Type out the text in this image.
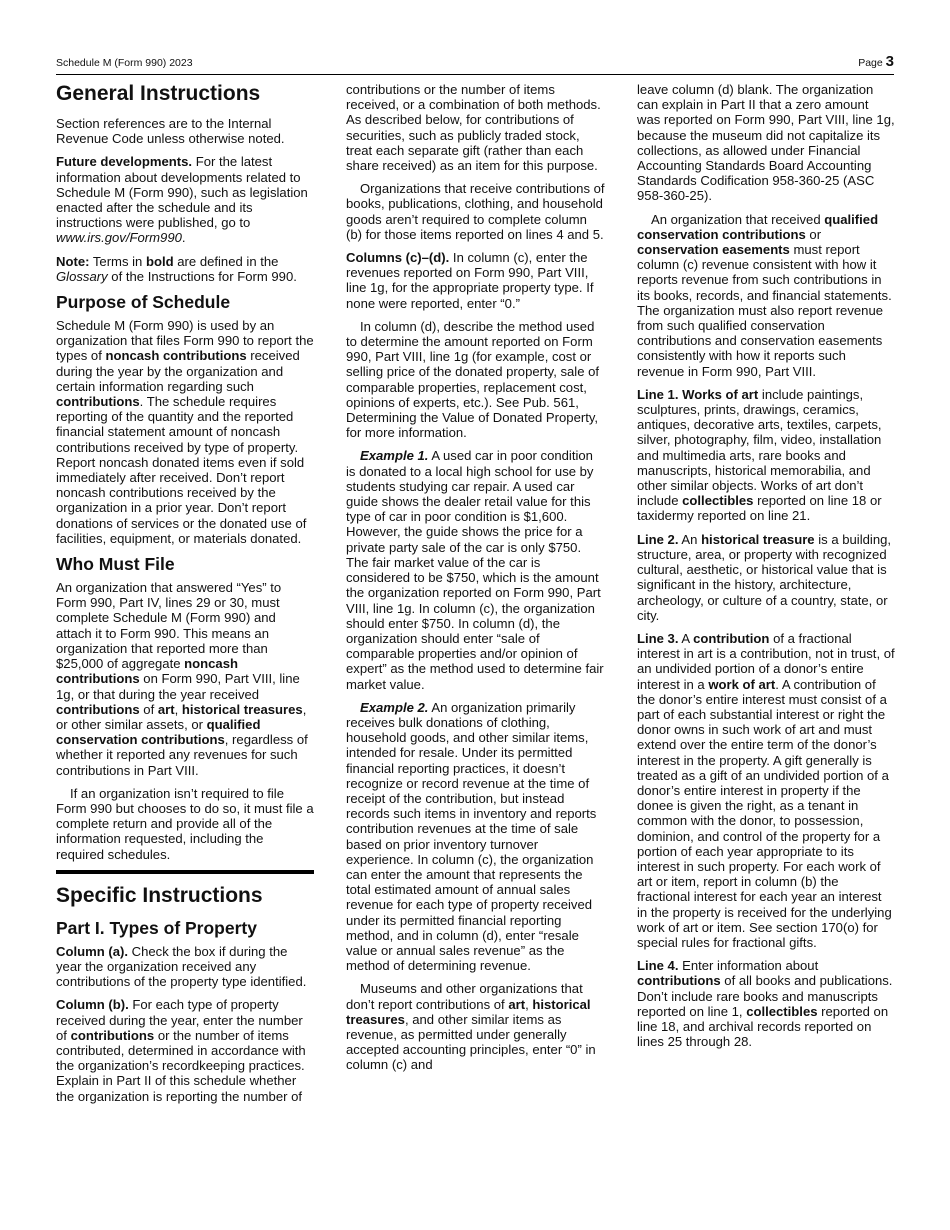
Schedule M (Form 990) 2023	Page 3
General Instructions

Section references are to the Internal Revenue Code unless otherwise noted.

Future developments. For the latest information about developments related to Schedule M (Form 990), such as legislation enacted after the schedule and its instructions were published, go to www.irs.gov/Form990.

Note: Terms in bold are defined in the Glossary of the Instructions for Form 990.

Purpose of Schedule

Schedule M (Form 990) is used by an organization that files Form 990 to report the types of noncash contributions received during the year by the organization and certain information regarding such contributions. The schedule requires reporting of the quantity and the reported financial statement amount of noncash contributions received by type of property. Report noncash donated items even if sold immediately after received. Don’t report noncash contributions received by the organization in a prior year. Don’t report donations of services or the donated use of facilities, equipment, or materials donated.

Who Must File

An organization that answered “Yes” to Form 990, Part IV, lines 29 or 30, must complete Schedule M (Form 990) and attach it to Form 990. This means an organization that reported more than $25,000 of aggregate noncash contributions on Form 990, Part VIII, line 1g, or that during the year received contributions of art, historical treasures, or other similar assets, or qualified conservation contributions, regardless of whether it reported any revenues for such contributions in Part VIII.

If an organization isn’t required to file Form 990 but chooses to do so, it must file a complete return and provide all of the information requested, including the required schedules.

Specific Instructions
Part I. Types of Property

Column (a). Check the box if during the year the organization received any contributions of the property type identified.

Column (b). For each type of property received during the year, enter the number of contributions or the number of items contributed, determined in accordance with the organization’s recordkeeping practices. Explain in Part II of this schedule whether the organization is reporting the number of

contributions or the number of items received, or a combination of both methods. As described below, for contributions of securities, such as publicly traded stock, treat each separate gift (rather than each share received) as an item for this purpose.

Organizations that receive contributions of books, publications, clothing, and household goods aren’t required to complete column (b) for those items reported on lines 4 and 5.

Columns (c)–(d). In column (c), enter the revenues reported on Form 990, Part VIII, line 1g, for the appropriate property type. If none were reported, enter “0.”

In column (d), describe the method used to determine the amount reported on Form 990, Part VIII, line 1g (for example, cost or selling price of the donated property, sale of comparable properties, replacement cost, opinions of experts, etc.). See Pub. 561, Determining the Value of Donated Property, for more information.

Example 1. A used car in poor condition is donated to a local high school for use by students studying car repair. A used car guide shows the dealer retail value for this type of car in poor condition is $1,600. However, the guide shows the price for a private party sale of the car is only $750. The fair market value of the car is considered to be $750, which is the amount the organization reported on Form 990, Part VIII, line 1g. In column (c), the organization should enter $750. In column (d), the organization should enter “sale of comparable properties and/or opinion of expert” as the method used to determine fair market value.

Example 2. An organization primarily receives bulk donations of clothing, household goods, and other similar items, intended for resale. Under its permitted financial reporting practices, it doesn’t recognize or record revenue at the time of receipt of the contribution, but instead records such items in inventory and reports contribution revenues at the time of sale based on prior inventory turnover experience. In column (c), the organization can enter the amount that represents the total estimated amount of annual sales revenue for each type of property received under its permitted financial reporting method, and in column (d), enter “resale value or annual sales revenue” as the method of determining revenue.

Museums and other organizations that don’t report contributions of art, historical treasures, and other similar items as revenue, as permitted under generally accepted accounting principles, enter “0” in column (c) and

leave column (d) blank. The organization can explain in Part II that a zero amount was reported on Form 990, Part VIII, line 1g, because the museum did not capitalize its collections, as allowed under Financial Accounting Standards Board Accounting Standards Codification 958-360-25 (ASC 958-360-25).

An organization that received qualified conservation contributions or conservation easements must report column (c) revenue consistent with how it reports revenue from such contributions in its books, records, and financial statements. The organization must also report revenue from such qualified conservation contributions and conservation easements consistently with how it reports such revenue in Form 990, Part VIII.

Line 1. Works of art include paintings, sculptures, prints, drawings, ceramics, antiques, decorative arts, textiles, carpets, silver, photography, film, video, installation and multimedia arts, rare books and manuscripts, historical memorabilia, and other similar objects. Works of art don’t include collectibles reported on line 18 or taxidermy reported on line 21.

Line 2. An historical treasure is a building, structure, area, or property with recognized cultural, aesthetic, or historical value that is significant in the history, architecture, archeology, or culture of a country, state, or city.

Line 3. A contribution of a fractional interest in art is a contribution, not in trust, of an undivided portion of a donor’s entire interest in a work of art. A contribution of the donor’s entire interest must consist of a part of each substantial interest or right the donor owns in such work of art and must extend over the entire term of the donor’s interest in the property. A gift generally is treated as a gift of an undivided portion of a donor’s entire interest in property if the donee is given the right, as a tenant in common with the donor, to possession, dominion, and control of the property for a portion of each year appropriate to its interest in such property. For each work of art or item, report in column (b) the fractional interest for each year an interest in the property is received for the underlying work of art or item. See section 170(o) for special rules for fractional gifts.

Line 4. Enter information about contributions of all books and publications. Don’t include rare books and manuscripts reported on line 1, collectibles reported on line 18, and archival records reported on lines 25 through 28.
